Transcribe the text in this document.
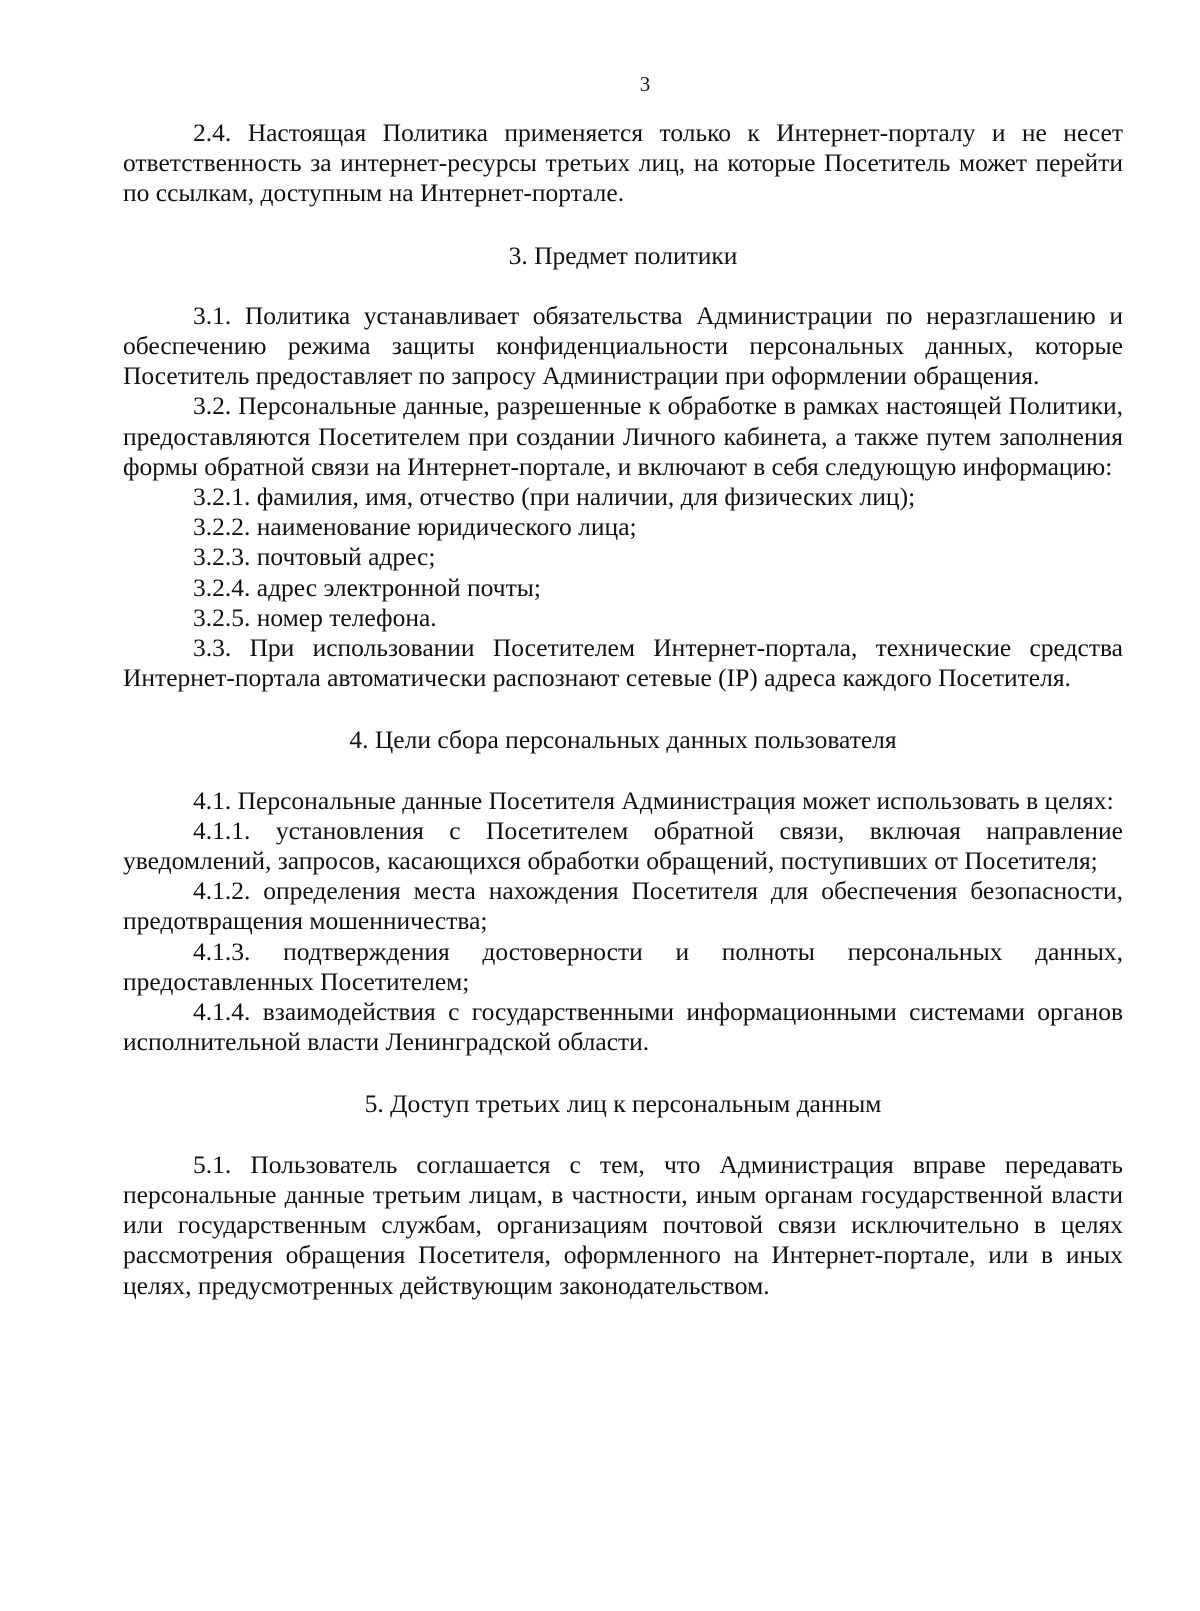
3

2.4. Настоящая Политика применяется только к Интернет-порталу и не несет ответственность за интернет-ресурсы третьих лиц, на которые Посетитель может перейти по ссылкам, доступным на Интернет-портале.

3. Предмет политики

3.1. Политика устанавливает обязательства Администрации по неразглашению и обеспечению режима защиты конфиденциальности персональных данных, которые Посетитель предоставляет по запросу Администрации при оформлении обращения.

3.2. Персональные данные, разрешенные к обработке в рамках настоящей Политики, предоставляются Посетителем при создании Личного кабинета, а также путем заполнения формы обратной связи на Интернет-портале, и включают в себя следующую информацию:

3.2.1. фамилия, имя, отчество (при наличии, для физических лиц);

3.2.2. наименование юридического лица;

3.2.3. почтовый адрес;

3.2.4. адрес электронной почты;

3.2.5. номер телефона.

3.3. При использовании Посетителем Интернет-портала, технические средства Интернет-портала автоматически распознают сетевые (IP) адреса каждого Посетителя.

4. Цели сбора персональных данных пользователя

4.1. Персональные данные Посетителя Администрация может использовать в целях:

4.1.1. установления с Посетителем обратной связи, включая направление уведомлений, запросов, касающихся обработки обращений, поступивших от Посетителя;

4.1.2. определения места нахождения Посетителя для обеспечения безопасности, предотвращения мошенничества;

4.1.3. подтверждения достоверности и полноты персональных данных, предоставленных Посетителем;

4.1.4. взаимодействия с государственными информационными системами органов исполнительной власти Ленинградской области.

5. Доступ третьих лиц к персональным данным

5.1. Пользователь соглашается с тем, что Администрация вправе передавать персональные данные третьим лицам, в частности, иным органам государственной власти или государственным службам, организациям почтовой связи исключительно в целях рассмотрения обращения Посетителя, оформленного на Интернет-портале, или в иных целях, предусмотренных действующим законодательством.
